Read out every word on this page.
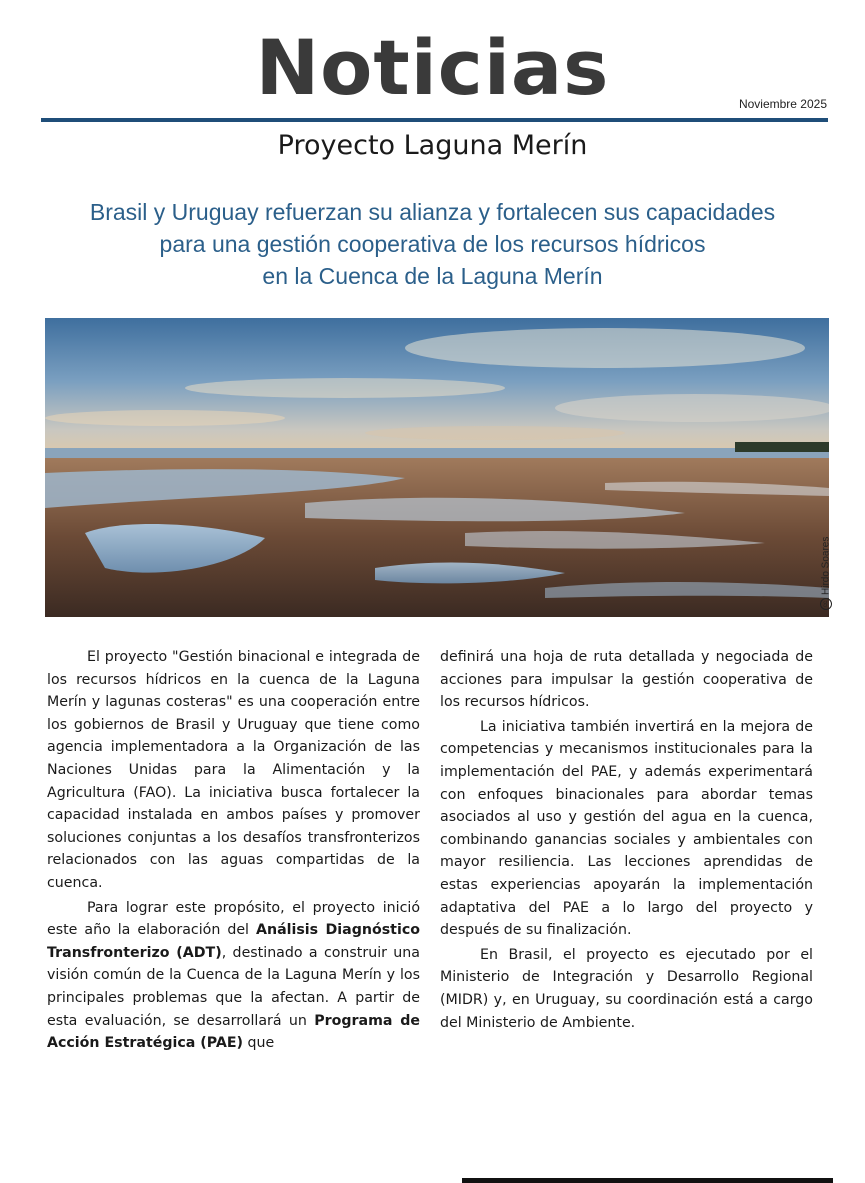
Noticias	Noviembre 2025
Proyecto Laguna Merín
Brasil y Uruguay refuerzan su alianza y fortalecen sus capacidades
para una gestión cooperativa de los recursos hídricos
en la Cuenca de la Laguna Merín
ccHirdo Soares

El proyecto "Gestión binacional e integrada de los recursos hídricos en la cuenca de la Laguna Merín y lagunas costeras" es una cooperación entre los gobiernos de Brasil y Uruguay que tiene como agencia implementadora a la Organización de las Naciones Unidas para la Alimentación y la Agricultura (FAO). La iniciativa busca fortalecer la capacidad instalada en ambos países y promover soluciones conjuntas a los desafíos transfronterizos relacionados con las aguas compartidas de la cuenca.

Para lograr este propósito, el proyecto inició este año la elaboración del Análisis Diagnóstico Transfronterizo (ADT), destinado a construir una visión común de la Cuenca de la Laguna Merín y los principales problemas que la afectan. A partir de esta evaluación, se desarrollará un Programa de Acción Estratégica (PAE) que

definirá una hoja de ruta detallada y negociada de acciones para impulsar la gestión cooperativa de los recursos hídricos.

La iniciativa también invertirá en la mejora de competencias y mecanismos institucionales para la implementación del PAE, y además experimentará con enfoques binacionales para abordar temas asociados al uso y gestión del agua en la cuenca, combinando ganancias sociales y ambientales con mayor resiliencia. Las lecciones aprendidas de estas experiencias apoyarán la implementación adaptativa del PAE a lo largo del proyecto y después de su finalización.

En Brasil, el proyecto es ejecutado por el Ministerio de Integración y Desarrollo Regional (MIDR) y, en Uruguay, su coordinación está a cargo del Ministerio de Ambiente.
